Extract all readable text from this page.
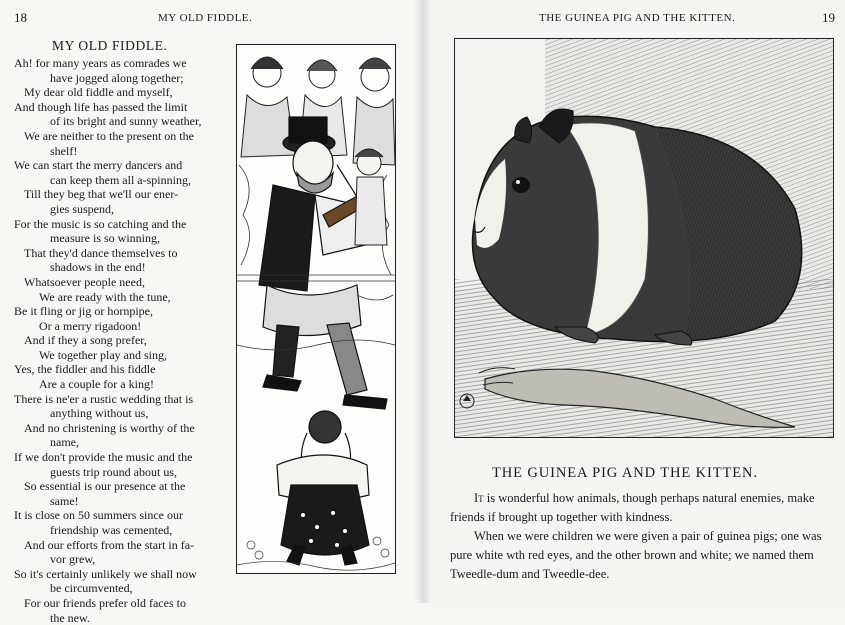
18	MY OLD FIDDLE.
MY OLD FIDDLE.
Ah! for many years as comrades we
have jogged along together;
My dear old fiddle and myself,
And though life has passed the limit
of its bright and sunny weather,
We are neither to the present on the
shelf!
We can start the merry dancers and
can keep them all a-spinning,
Till they beg that we'll our ener-
gies suspend,
For the music is so catching and the
measure is so winning,
That they'd dance themselves to
shadows in the end!
Whatsoever people need,
We are ready with the tune,
Be it fling or jig or hornpipe,
Or a merry rigadoon!
And if they a song prefer,
We together play and sing,
Yes, the fiddler and his fiddle
Are a couple for a king!
There is ne'er a rustic wedding that is
anything without us,
And no christening is worthy of the
name,
If we don't provide the music and the
guests trip round about us,
So essential is our presence at the
same!
It is close on 50 summers since our
friendship was cemented,
And our efforts from the start in fa-
vor grew,
So it's certainly unlikely we shall now
be circumvented,
For our friends prefer old faces to
the new.
THE GUINEA PIG AND THE KITTEN.	19
THE GUINEA PIG AND THE KITTEN.

It is wonderful how animals, though perhaps natural enemies, make friends if brought up together with kindness.

When we were children we were given a pair of guinea pigs; one was pure white wth red eyes, and the other brown and white; we named them Tweedle-dum and Tweedle-dee.
